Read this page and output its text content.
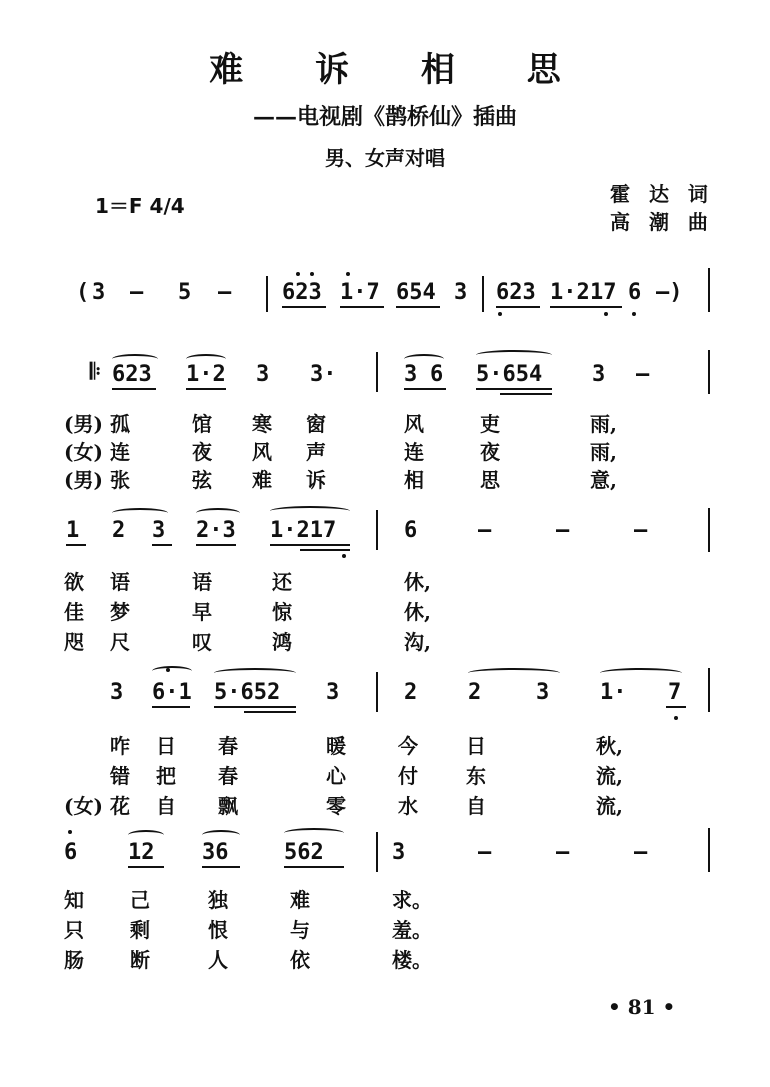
难 诉 相 思
——电视剧《鹊桥仙》插曲
男、女声对唱
1＝F 4/4	霍 达 词
高 潮 曲
( 3 — 5 — 623 1·7 654 3 623 1·2 17 6 —)
𝄆 623 1·2 3 3·	3 6 5·654 3 —
(男) 孤	馆 寒 窗	风	吏	雨,
(女) 连	夜 风 声	连	夜	雨,
(男) 张	弦 难 诉	相	思	意,
1 2 3 2·3 1·217	6	—	—	—
欲 语	语	还	休,
佳 梦	早	惊	休,
咫 尺	叹	鸿	沟,
3 6·1 5·652 3	2 2 3 1· 7
咋 日 春	暖	今 日	秋,
错 把 春	心	付 东	流,
(女) 花 自 飘	零	水 自	流,
6 12 36	562	3	—	—	—
知 己	独	难	求。
只 剩	恨	与	羞。
肠 断	人	依	楼。
• 81 •
